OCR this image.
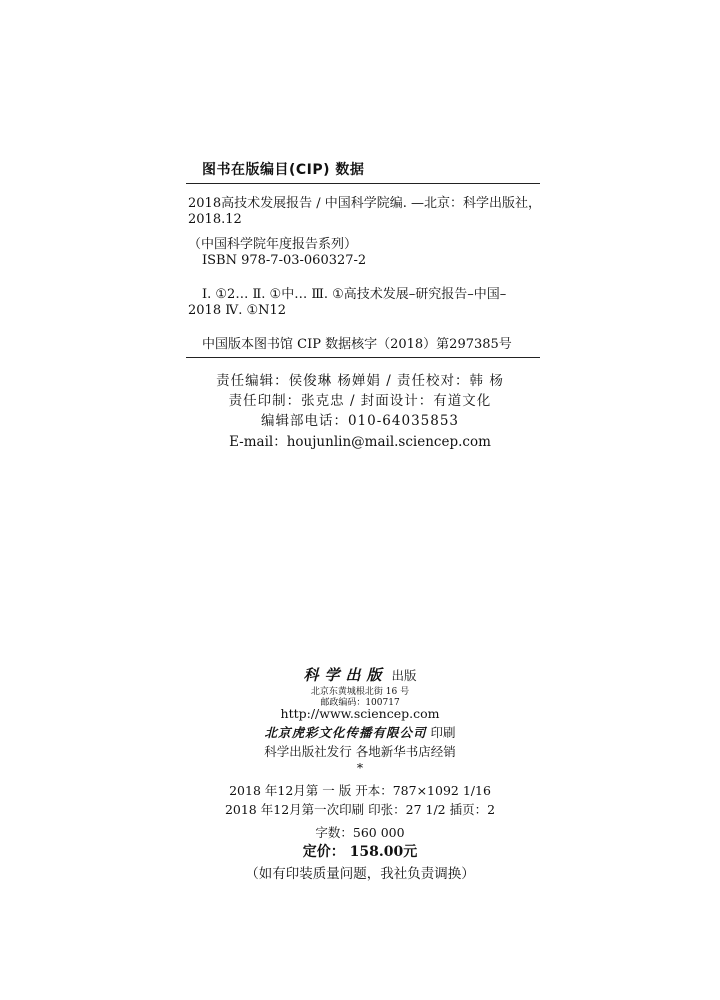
图书在版编目(CIP) 数据
2018高技术发展报告 / 中国科学院编. —北京：科学出版社，
2018.12
（中国科学院年度报告系列）
ISBN 978-7-03-060327-2
Ⅰ. ①2… Ⅱ. ①中… Ⅲ. ①高技术发展–研究报告–中国–
2018 Ⅳ. ①N12
中国版本图书馆 CIP 数据核字（2018）第297385号
责任编辑：侯俊琳 杨婵娟 / 责任校对：韩 杨
责任印制：张克忠 / 封面设计：有道文化
编辑部电话：010-64035853
E-mail：houjunlin@mail.sciencep.com
科学出版 出版
北京东黄城根北街 16 号
邮政编码：100717
http://www.sciencep.com
北京虎彩文化传播有限公司 印刷
科学出版社发行 各地新华书店经销
*
2018 年12月第 一 版 开本：787×1092 1/16
2018 年12月第一次印刷 印张：27 1/2 插页：2
字数：560 000
定价： 158.00元
（如有印装质量问题，我社负责调换）
